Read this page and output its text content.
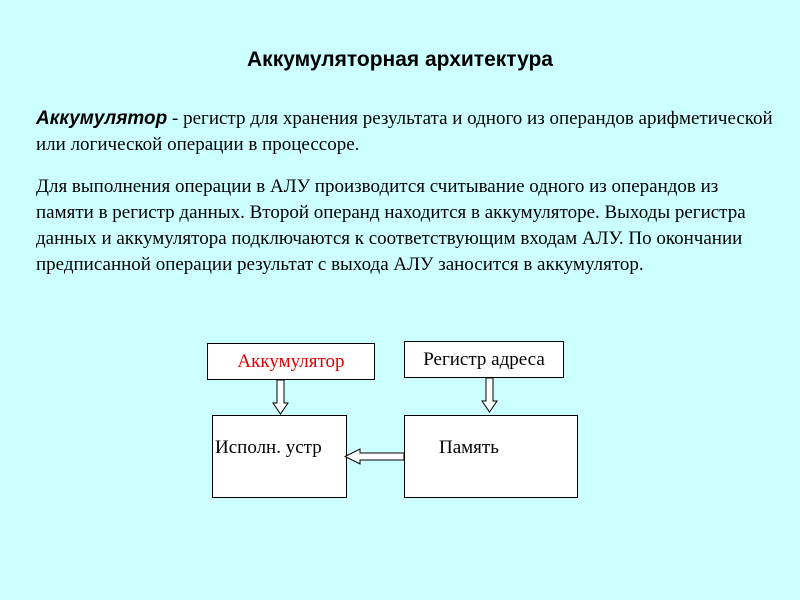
Аккумуляторная архитектура
Аккумулятор - регистр для хранения результата и одного из операндов арифметической или логической операции в процессоре.
Для выполнения операции в АЛУ производится считывание одного из операндов из памяти в регистр данных. Второй операнд находится в аккумуляторе. Выходы регистра данных и аккумулятора подключаются к соответствующим входам АЛУ. По окончании предписанной операции результат с выхода АЛУ заносится в аккумулятор.
Аккумулятор	Регистр адреса
Исполн. устр	Память
